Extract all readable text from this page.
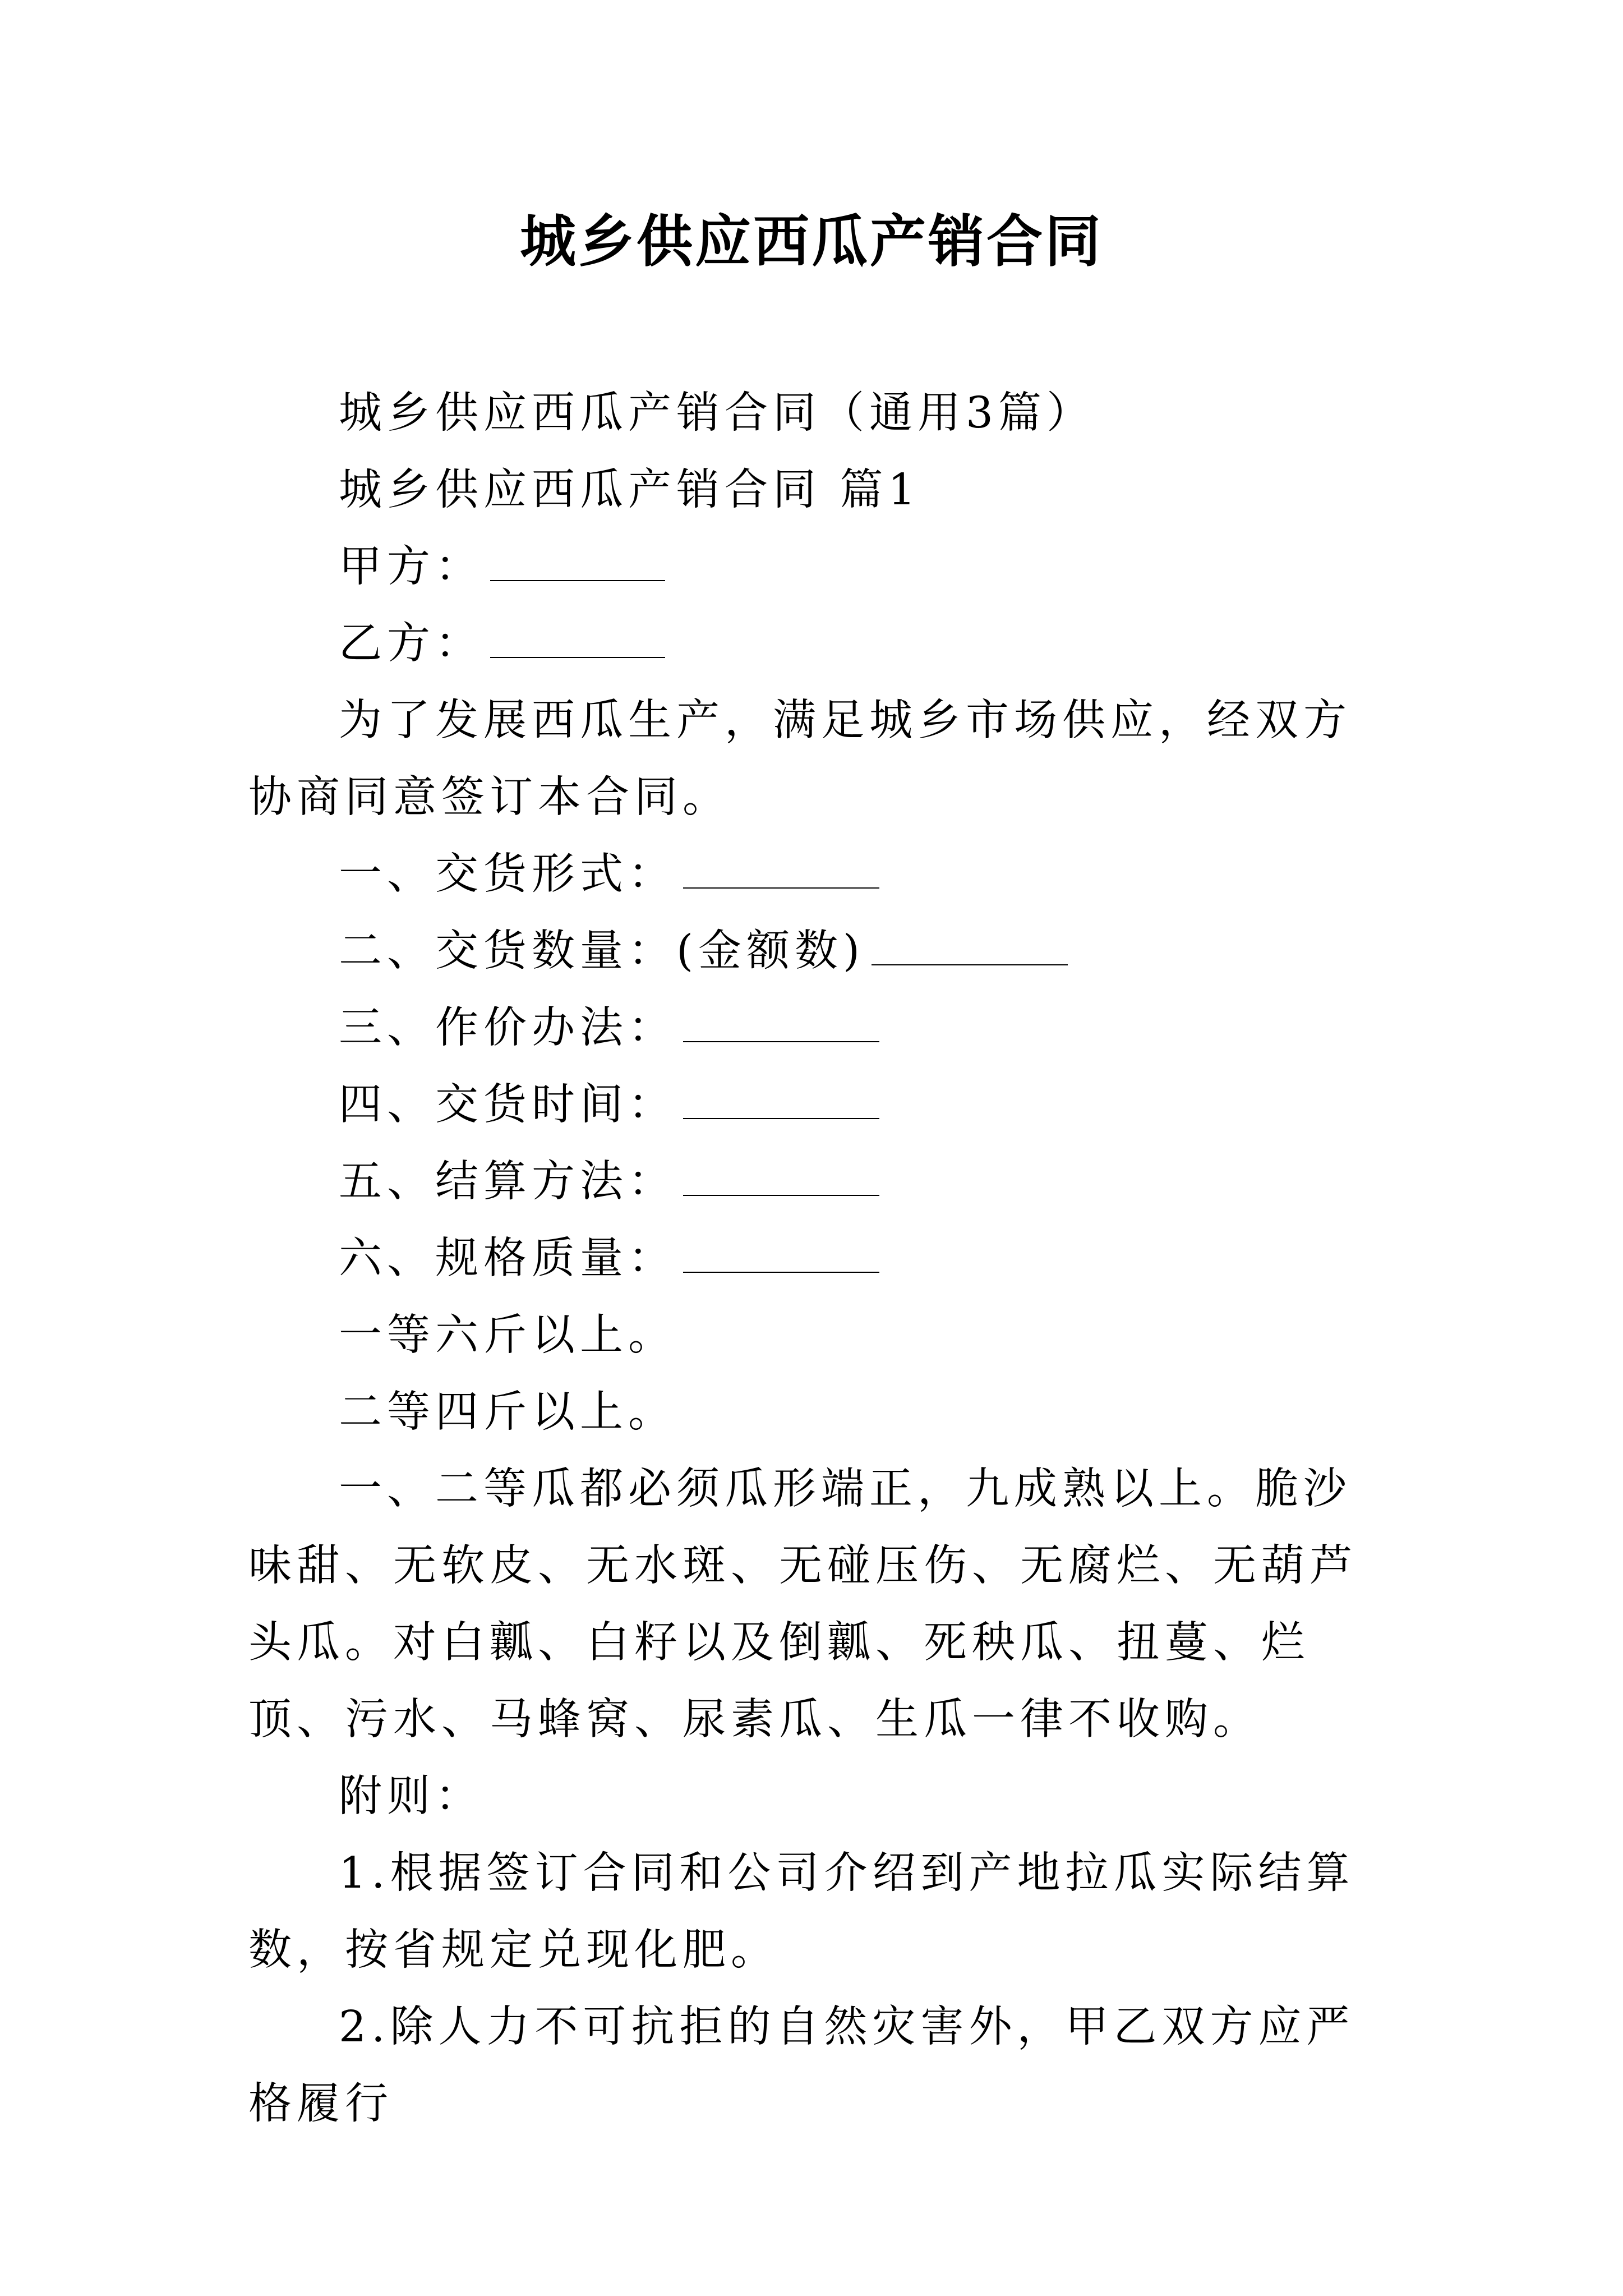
城乡供应西瓜产销合同

城乡供应西瓜产销合同（通用3篇）

城乡供应西瓜产销合同 篇1

甲方：

乙方：

为了发展西瓜生产，满足城乡市场供应，经双方协商同意签订本合同。

一、交货形式：

二、交货数量：(金额数)

三、作价办法：

四、交货时间：

五、结算方法：

六、规格质量：

一等六斤以上。

二等四斤以上。

一、二等瓜都必须瓜形端正，九成熟以上。脆沙味甜、无软皮、无水斑、无碰压伤、无腐烂、无葫芦头瓜。对白瓤、白籽以及倒瓤、死秧瓜、扭蔓、烂顶、污水、马蜂窝、尿素瓜、生瓜一律不收购。

附则：

1.根据签订合同和公司介绍到产地拉瓜实际结算数，按省规定兑现化肥。

2.除人力不可抗拒的自然灾害外，甲乙双方应严格履行
